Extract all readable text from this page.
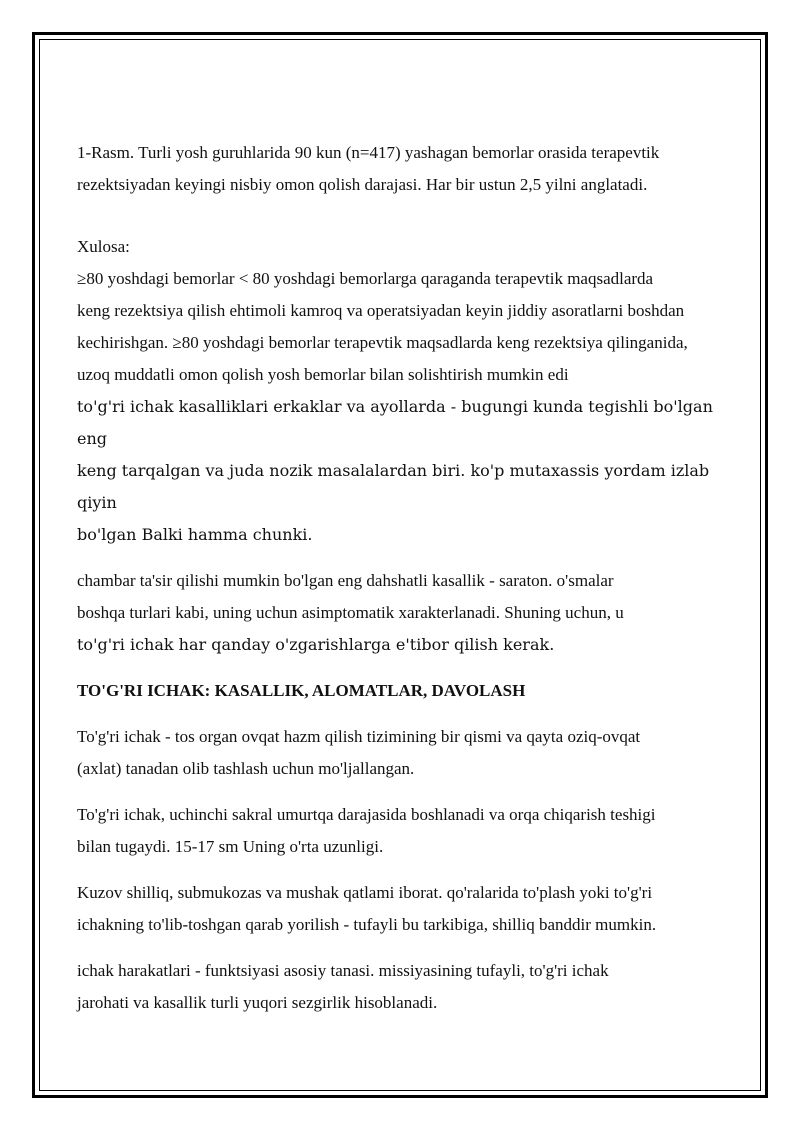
1-Rasm. Turli yosh guruhlarida 90 kun (n=417) yashagan bemorlar orasida terapevtik

rezektsiyadan keyingi nisbiy omon qolish darajasi. Har bir ustun 2,5 yilni anglatadi.

Xulosa:

≥80 yoshdagi bemorlar < 80 yoshdagi bemorlarga qaraganda terapevtik maqsadlarda

keng rezektsiya qilish ehtimoli kamroq va operatsiyadan keyin jiddiy asoratlarni boshdan

kechirishgan. ≥80 yoshdagi bemorlar terapevtik maqsadlarda keng rezektsiya qilinganida,

uzoq muddatli omon qolish yosh bemorlar bilan solishtirish mumkin edi

to'g'ri ichak kasalliklari erkaklar va ayollarda - bugungi kunda tegishli bo'lgan eng

keng tarqalgan va juda nozik masalalardan biri. ko'p mutaxassis yordam izlab qiyin

bo'lgan Balki hamma chunki.

chambar ta'sir qilishi mumkin bo'lgan eng dahshatli kasallik - saraton. o'smalar

boshqa turlari kabi, uning uchun asimptomatik xarakterlanadi. Shuning uchun, u

to'g'ri ichak har qanday o'zgarishlarga e'tibor qilish kerak.

TO'G'RI ICHAK: KASALLIK, ALOMATLAR, DAVOLASH

To'g'ri ichak - tos organ ovqat hazm qilish tizimining bir qismi va qayta oziq-ovqat

(axlat) tanadan olib tashlash uchun mo'ljallangan.

To'g'ri ichak, uchinchi sakral umurtqa darajasida boshlanadi va orqa chiqarish teshigi

bilan tugaydi. 15-17 sm Uning o'rta uzunligi.

Kuzov shilliq, submukozas va mushak qatlami iborat. qo'ralarida to'plash yoki to'g'ri

ichakning to'lib-toshgan qarab yorilish - tufayli bu tarkibiga, shilliq banddir mumkin.

ichak harakatlari - funktsiyasi asosiy tanasi. missiyasining tufayli, to'g'ri ichak

jarohati va kasallik turli yuqori sezgirlik hisoblanadi.
